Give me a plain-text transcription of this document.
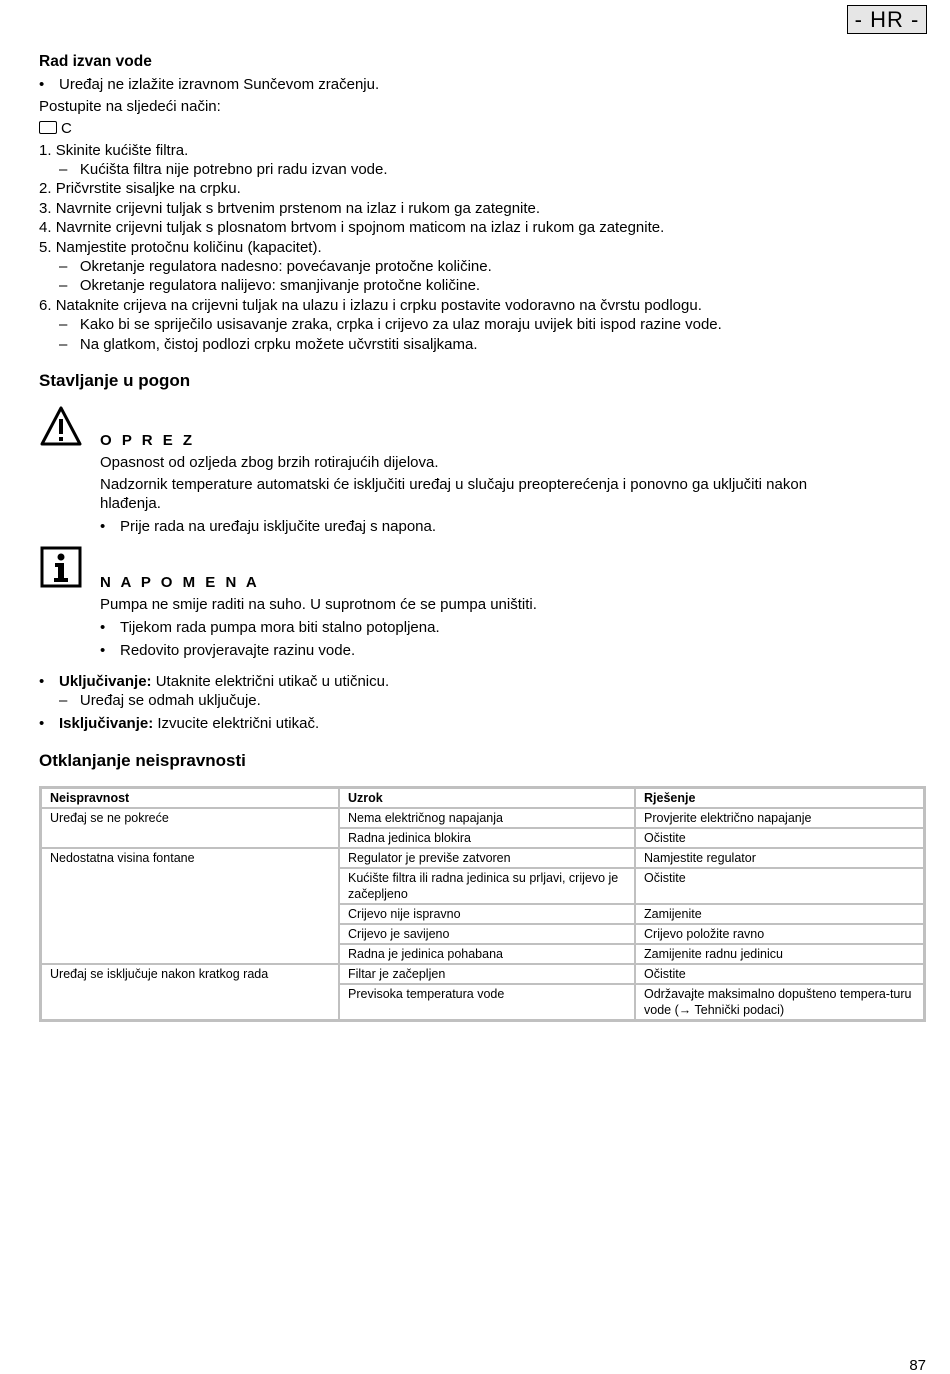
- HR -
Rad izvan vode
• Uređaj ne izlažite izravnom Sunčevom zračenju.
Postupite na sljedeći način:
C
1. Skinite kućište filtra.
–   Kućišta filtra nije potrebno pri radu izvan vode.
2. Pričvrstite sisaljke na crpku.
3. Navrnite crijevni tuljak s brtvenim prstenom na izlaz i rukom ga zategnite.
4. Navrnite crijevni tuljak s plosnatom brtvom i spojnom maticom na izlaz i rukom ga zategnite.
5. Namjestite protočnu količinu (kapacitet).
–   Okretanje regulatora nadesno: povećavanje protočne količine.
–   Okretanje regulatora nalijevo: smanjivanje protočne količine.
6. Nataknite crijeva na crijevni tuljak na ulazu i izlazu i crpku postavite vodoravno na čvrstu podlogu.
–   Kako bi se spriječilo usisavanje zraka, crpka i crijevo za ulaz moraju uvijek biti ispod razine vode.
–   Na glatkom, čistoj podlozi crpku možete učvrstiti sisaljkama.
Stavljanje u pogon
O P R E Z
Opasnost od ozljeda zbog brzih rotirajućih dijelova.
Nadzornik temperature automatski će isključiti uređaj u slučaju preopterećenja i ponovno ga uključiti nakon
hlađenja.
• Prije rada na uređaju isključite uređaj s napona.
N A P O M E N A
Pumpa ne smije raditi na suho. U suprotnom će se pumpa uništiti.
• Tijekom rada pumpa mora biti stalno potopljena.
• Redovito provjeravajte razinu vode.
• Uključivanje: Utaknite električni utikač u utičnicu.
–   Uređaj se odmah uključuje.
• Isključivanje: Izvucite električni utikač.
Otklanjanje neispravnosti
Neispravnost	Uzrok	Rješenje
Uređaj se ne pokreće	Nema električnog napajanja	Provjerite električno napajanje
	Radna jedinica blokira	Očistite
Nedostatna visina fontane	Regulator je previše zatvoren	Namjestite regulator
	Kućište filtra ili radna jedinica su prljavi, crijevo je začepljeno	Očistite
	Crijevo nije ispravno	Zamijenite
	Crijevo je savijeno	Crijevo položite ravno
	Radna je jedinica pohabana	Zamijenite radnu jedinicu
Uređaj se isključuje nakon kratkog rada	Filtar je začepljen	Očistite
	Previsoka temperatura vode	Održavajte maksimalno dopušteno tempera-turu vode (→ Tehnički podaci)
87
